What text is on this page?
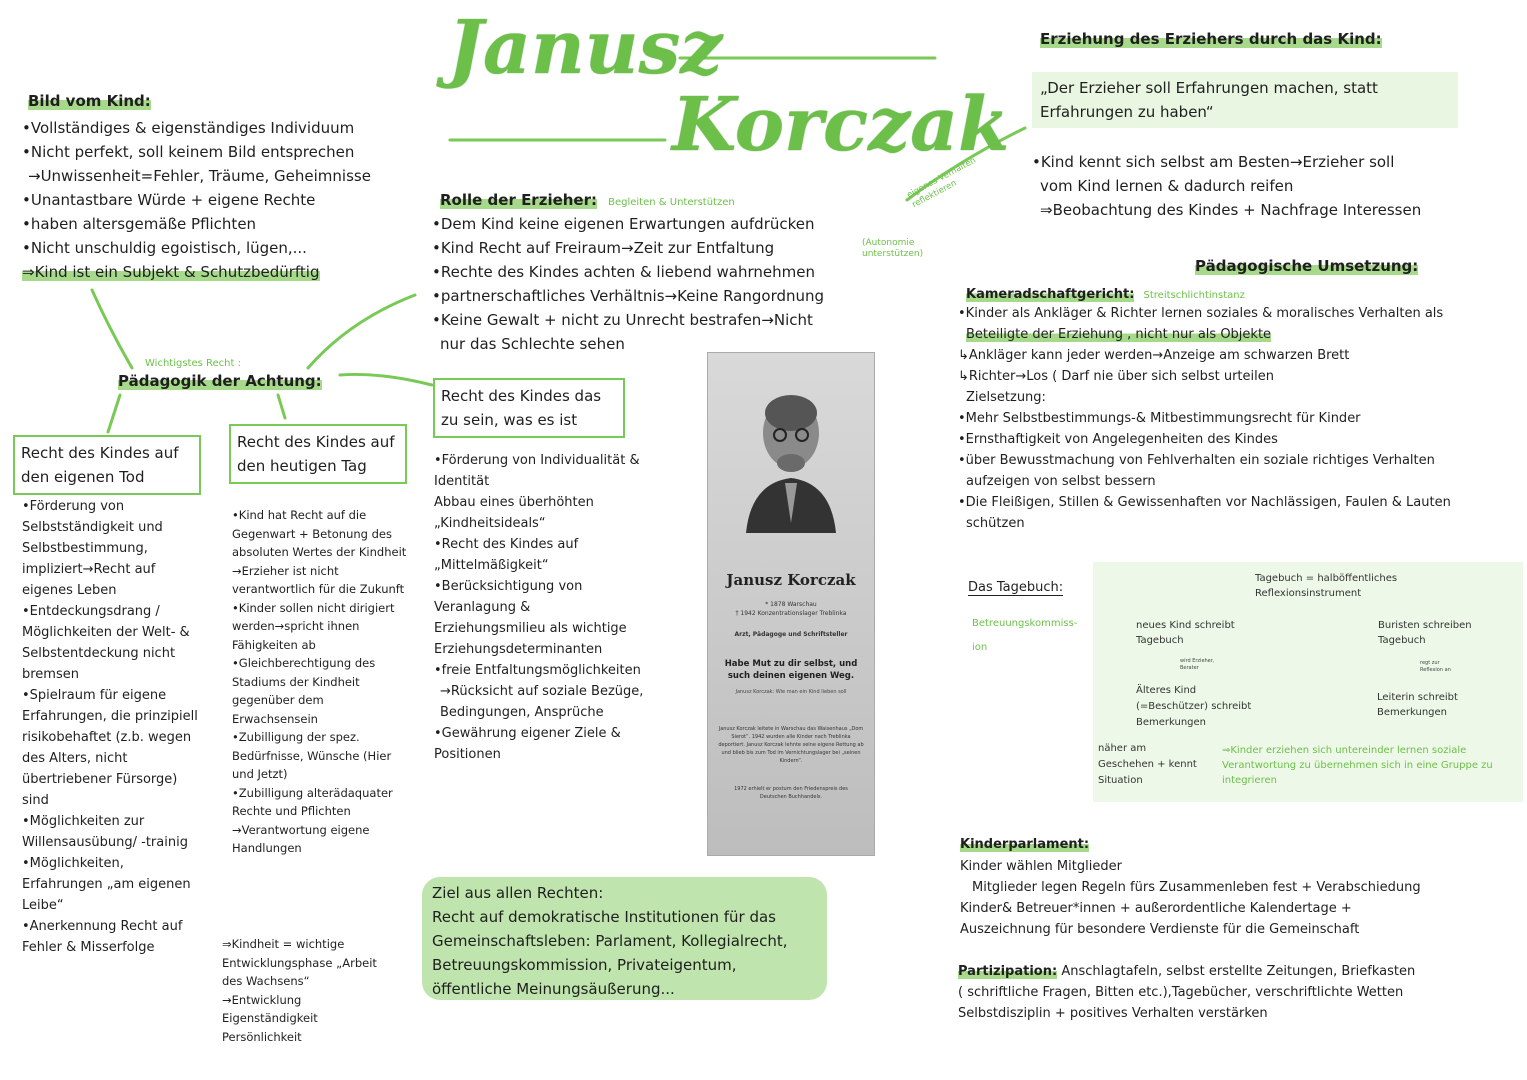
Janusz
Korczak
Bild vom Kind:
•Vollständiges & eigenständiges Individuum
•Nicht perfekt, soll keinem Bild entsprechen
→Unwissenheit=Fehler, Träume, Geheimnisse
•Unantastbare Würde + eigene Rechte
•haben altersgemäße Pflichten
•Nicht unschuldig egoistisch, lügen,...
⇒Kind ist ein Subjekt & Schutzbedürftig
Wichtigstes Recht :
Pädagogik der Achtung:
Recht des Kindes auf den eigenen Tod
•Förderung von Selbstständigkeit und Selbstbestimmung, impliziert→Recht auf eigenes Leben
•Entdeckungsdrang / Möglichkeiten der Welt- & Selbstentdeckung nicht bremsen
•Spielraum für eigene Erfahrungen, die prinzipiell risikobehaftet (z.b. wegen des Alters, nicht übertriebener Fürsorge) sind
•Möglichkeiten zur Willensausübung/ -trainig
•Möglichkeiten, Erfahrungen „am eigenen Leibe“
•Anerkennung Recht auf Fehler & Misserfolge
Recht des Kindes auf den heutigen Tag
•Kind hat Recht auf die Gegenwart + Betonung des absoluten Wertes der Kindheit
→Erzieher ist nicht verantwortlich für die Zukunft
•Kinder sollen nicht dirigiert werden→spricht ihnen Fähigkeiten ab
•Gleichberechtigung des Stadiums der Kindheit gegenüber dem Erwachsensein
•Zubilligung der spez. Bedürfnisse, Wünsche (Hier und Jetzt)
•Zubilligung alterädaquater Rechte und Pflichten →Verantwortung eigene Handlungen
⇒Kindheit = wichtige Entwicklungsphase „Arbeit des Wachsens“ →Entwicklung Eigenständigkeit Persönlichkeit
Rolle der Erzieher: Begleiten & Unterstützen
•Dem Kind keine eigenen Erwartungen aufdrücken
•Kind Recht auf Freiraum→Zeit zur Entfaltung
•Rechte des Kindes achten & liebend wahrnehmen
•partnerschaftliches Verhältnis→Keine Rangordnung
•Keine Gewalt + nicht zu Unrecht bestrafen→Nicht
nur das Schlechte sehen
(Autonomie unterstützen)
Recht des Kindes das zu sein, was es ist
•Förderung von Individualität & Identität
Abbau eines überhöhten „Kindheitsideals“
•Recht des Kindes auf „Mittelmäßigkeit“
•Berücksichtigung von Veranlagung & Erziehungsmilieu als wichtige Erziehungsdeterminanten
•freie Entfaltungsmöglichkeiten
→Rücksicht auf soziale Bezüge, Bedingungen, Ansprüche
•Gewährung eigener Ziele & Positionen
Janusz Korczak
* 1878 Warschau
† 1942 Konzentrationslager Treblinka
Arzt, Pädagoge und Schriftsteller
Habe Mut zu dir selbst, und such deinen eigenen Weg.
Janusz Korczak: Wie man ein Kind lieben soll
Janusz Korczak leitete in Warschau das Waisenhaus „Dom Sierot“. 1942 wurden alle Kinder nach Treblinka deportiert. Janusz Korczak lehnte seine eigene Rettung ab und blieb bis zum Tod im Vernichtungslager bei „seinen Kindern“.
1972 erhielt er postum den Friedenspreis des Deutschen Buchhandels.
Ziel aus allen Rechten:
Recht auf demokratische Institutionen für das Gemeinschaftsleben: Parlament, Kollegialrecht, Betreuungskommission, Privateigentum, öffentliche Meinungsäußerung...
eigenes Verhalten reflektieren
Erziehung des Erziehers durch das Kind:
„Der Erzieher soll Erfahrungen machen, statt Erfahrungen zu haben“
•Kind kennt sich selbst am Besten→Erzieher soll
vom Kind lernen & dadurch reifen
⇒Beobachtung des Kindes + Nachfrage Interessen
Pädagogische Umsetzung:
Kameradschaftgericht: Streitschlichtinstanz
•Kinder als Ankläger & Richter lernen soziales & moralisches Verhalten als
Beteiligte der Erziehung , nicht nur als Objekte
↳Ankläger kann jeder werden→Anzeige am schwarzen Brett
↳Richter→Los ( Darf nie über sich selbst urteilen
Zielsetzung:
•Mehr Selbstbestimmungs-& Mitbestimmungsrecht für Kinder
•Ernsthaftigkeit von Angelegenheiten des Kindes
•über Bewusstmachung von Fehlverhalten ein soziale richtiges Verhalten
aufzeigen von selbst bessern
•Die Fleißigen, Stillen & Gewissenhaften vor Nachlässigen, Faulen & Lauten
schützen
Das Tagebuch:
Betreuungskommiss- ion
Tagebuch = halböffentliches Reflexionsinstrument
neues Kind schreibt Tagebuch
Buristen schreiben Tagebuch
wird Erzieher, Berater
regt zur Reflexion an
Älteres Kind (=Beschützer) schreibt Bemerkungen
Leiterin schreibt Bemerkungen
näher am Geschehen + kennt Situation
⇒Kinder erziehen sich untereinder lernen soziale Verantwortung zu übernehmen sich in eine Gruppe zu integrieren
Kinderparlament:
Kinder wählen Mitglieder
Mitglieder legen Regeln fürs Zusammenleben fest + Verabschiedung
Kinder& Betreuer*innen + außerordentliche Kalendertage +
Auszeichnung für besondere Verdienste für die Gemeinschaft
Partizipation: Anschlagtafeln, selbst erstellte Zeitungen, Briefkasten
( schriftliche Fragen, Bitten etc.),Tagebücher, verschriftlichte Wetten
Selbstdisziplin + positives Verhalten verstärken
